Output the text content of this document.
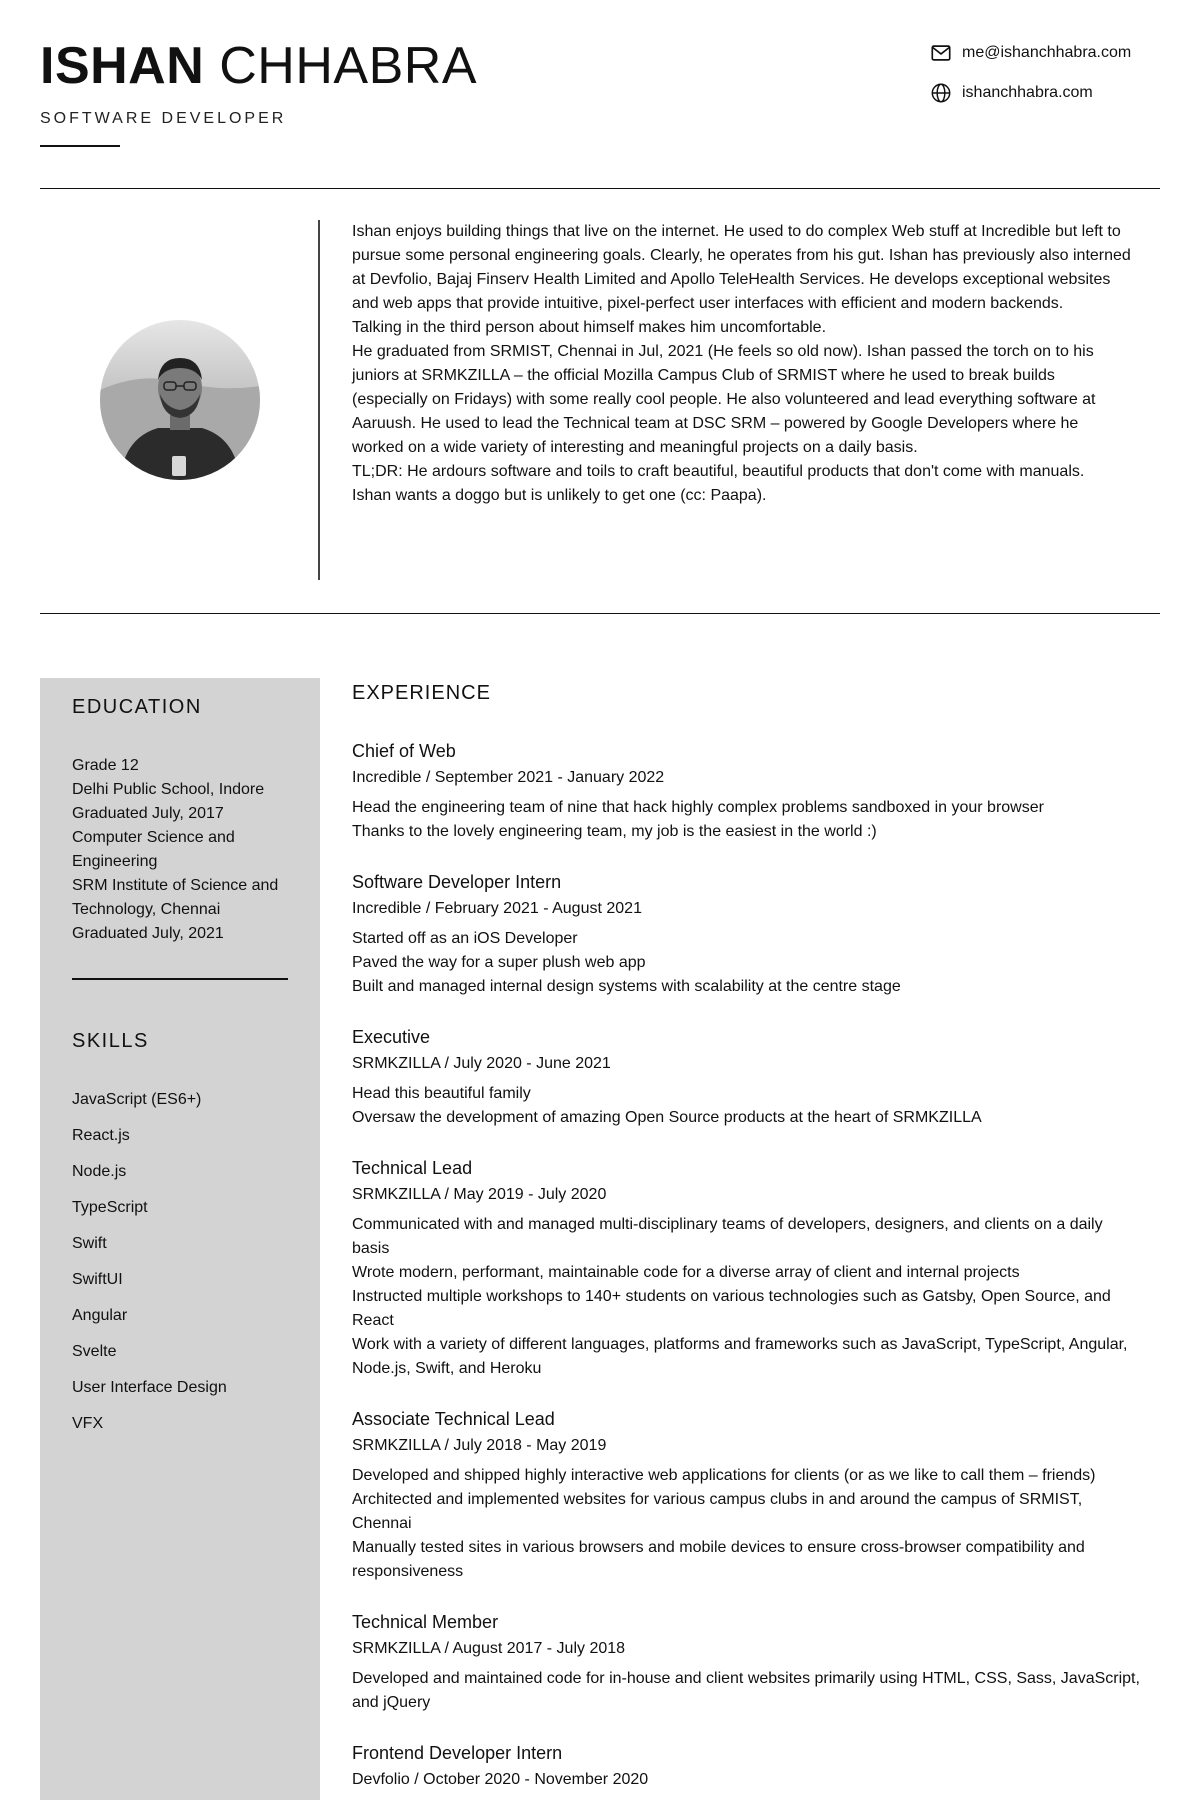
ISHAN CHHABRA
SOFTWARE DEVELOPER
me@ishanchhabra.com
ishanchhabra.com

Ishan enjoys building things that live on the internet. He used to do complex Web stuff at Incredible but left to pursue some personal engineering goals. Clearly, he operates from his gut. Ishan has previously also interned at Devfolio, Bajaj Finserv Health Limited and Apollo TeleHealth Services. He develops exceptional websites and web apps that provide intuitive, pixel-perfect user interfaces with efficient and modern backends.

Talking in the third person about himself makes him uncomfortable.

He graduated from SRMIST, Chennai in Jul, 2021 (He feels so old now). Ishan passed the torch on to his juniors at SRMKZILLA – the official Mozilla Campus Club of SRMIST where he used to break builds (especially on Fridays) with some really cool people. He also volunteered and lead everything software at Aaruush. He used to lead the Technical team at DSC SRM – powered by Google Developers where he worked on a wide variety of interesting and meaningful projects on a daily basis.

TL;DR: He ardours software and toils to craft beautiful, beautiful products that don't come with manuals.

Ishan wants a doggo but is unlikely to get one (cc: Paapa).

EDUCATION
Grade 12
Delhi Public School, Indore
Graduated July, 2017
Computer Science and Engineering
SRM Institute of Science and Technology, Chennai
Graduated July, 2021
SKILLS
JavaScript (ES6+)
React.js
Node.js
TypeScript
Swift
SwiftUI
Angular
Svelte
User Interface Design
VFX
EXPERIENCE
Chief of Web
Incredible / September 2021 - January 2022

Head the engineering team of nine that hack highly complex problems sandboxed in your browser

Thanks to the lovely engineering team, my job is the easiest in the world :)

Software Developer Intern
Incredible / February 2021 - August 2021

Started off as an iOS Developer

Paved the way for a super plush web app

Built and managed internal design systems with scalability at the centre stage

Executive
SRMKZILLA / July 2020 - June 2021

Head this beautiful family

Oversaw the development of amazing Open Source products at the heart of SRMKZILLA

Technical Lead
SRMKZILLA / May 2019 - July 2020

Communicated with and managed multi-disciplinary teams of developers, designers, and clients on a daily basis

Wrote modern, performant, maintainable code for a diverse array of client and internal projects

Instructed multiple workshops to 140+ students on various technologies such as Gatsby, Open Source, and React

Work with a variety of different languages, platforms and frameworks such as JavaScript, TypeScript, Angular, Node.js, Swift, and Heroku

Associate Technical Lead
SRMKZILLA / July 2018 - May 2019

Developed and shipped highly interactive web applications for clients (or as we like to call them – friends)

Architected and implemented websites for various campus clubs in and around the campus of SRMIST, Chennai

Manually tested sites in various browsers and mobile devices to ensure cross-browser compatibility and responsiveness

Technical Member
SRMKZILLA / August 2017 - July 2018

Developed and maintained code for in-house and client websites primarily using HTML, CSS, Sass, JavaScript, and jQuery

Frontend Developer Intern
Devfolio / October 2020 - November 2020
